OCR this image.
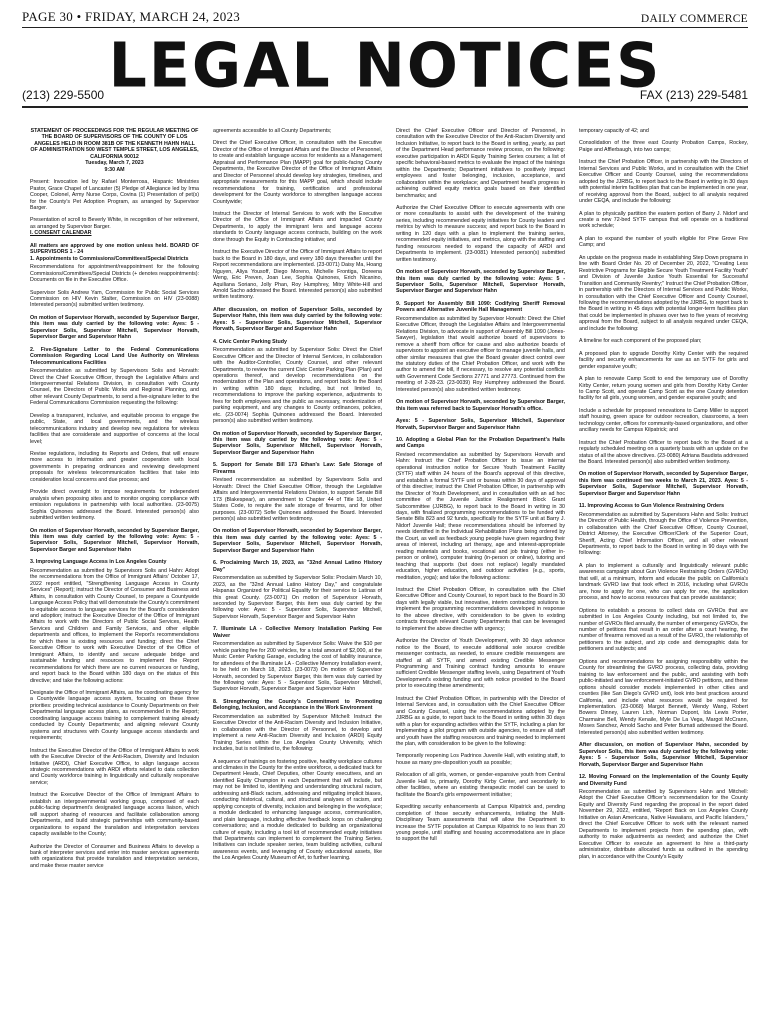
PAGE 30 • FRIDAY, MARCH 24, 2023	DAILY COMMERCE
LEGAL NOTICES
(213) 229-5500	FAX (213) 229-5481

STATEMENT OF PROCEEDINGS FOR THE REGULAR MEETING OF THE BOARD OF SUPERVISORS OF THE COUNTY OF LOS ANGELES HELD IN ROOM 381B OF THE KENNETH HAHN HALL OF ADMINISTRATION 500 WEST TEMPLE STREET, LOS ANGELES, CALIFORNIA 90012

Tuesday, March 7, 2023

9:30 AM

Present: Invocation led by Rafael Monterrosa, Hispanic Ministries Pastor, Grace Chapel of Lancaster (5) Pledge of Allegiance led by Irma Cooper, Colonel, Army Nurse Corps, Covina (1) Presentation of pet(s) for the County's Pet Adoption Program, as arranged by Supervisor Barger.

Presentation of scroll to Beverly White, in recognition of her retirement, as arranged by Supervisor Barger.

I. CONSENT CALENDAR

All matters are approved by one motion unless held. BOARD OF SUPERVISORS 1 - 24

1. Appointments to Commissions/Committees/Special Districts

Recommendations for appointment/reappointment for the following Commissions/Committees/Special Districts (+ denotes reappointments): Documents on file in the Executive Office.

Supervisor Solis Andrew Yam, Commission for Public Social Services Commission on HIV Kevin Stalter, Commission on HIV (23-0088) Interested person(s) submitted written testimony.

On motion of Supervisor Horvath, seconded by Supervisor Barger, this item was duly carried by the following vote: Ayes: 5 - Supervisor Solis, Supervisor Mitchell, Supervisor Horvath, Supervisor Barger and Supervisor Hahn

2. Five-Signature Letter to the Federal Communications Commission Regarding Local Land Use Authority on Wireless Telecommunications Facilities

Recommendation as submitted by Supervisors Solis and Horvath: Direct the Chief Executive Officer, through the Legislative Affairs and Intergovernmental Relations Division, in consultation with County Counsel, the Directors of Public Works and Regional Planning, and other relevant County Departments, to send a five-signature letter to the Federal Communications Commission requesting the following:

Develop a transparent, inclusive, and equitable process to engage the public, State, and local governments, and the wireless telecommunications industry and develop new regulations for wireless facilities that are considerate and supportive of concerns at the local level;

Revise regulations, including its Reports and Orders, that will ensure more access to information and greater cooperation with local governments in preparing ordinances and reviewing development proposals for wireless telecommunication facilities that take into consideration local concerns and due process; and

Provide direct oversight to impose requirements for independent analysis when proposing sites and to monitor ongoing compliance with emission regulations in partnership with local authorities. (23-0075) Sophia Quinones addressed the Board. Interested person(s) also submitted written testimony.

On motion of Supervisor Horvath, seconded by Supervisor Barger, this item was duly carried by the following vote: Ayes: 5 - Supervisor Solis, Supervisor Mitchell, Supervisor Horvath, Supervisor Barger and Supervisor Hahn

3. Improving Language Access in Los Angeles County

Recommendation as submitted by Supervisors Solis and Hahn: Adopt the recommendations from the Office of Immigrant Affairs' October 17, 2022 report entitled, "Strengthening Language Access in County Services" (Report); instruct the Director of Consumer and Business and Affairs, in consultation with County Counsel, to prepare a Countywide Language Access Policy that will demonstrate the County's commitment to equitable access to language services for the Board's consideration and adoption; instruct the Executive Director of the Office of Immigrant Affairs to work with the Directors of Public Social Services, Health Services and Children and Family Services, and other eligible departments and offices, to implement the Report's recommendations for which there is existing resources and funding; direct the Chief Executive Officer to work with Executive Director of the Office of Immigrant Affairs, to identify and secure adequate bridge and sustainable funding and resources to implement the Report recommendations for which there are no current resources or funding, and report back to the Board within 180 days on the status of this directive; and take the following actions:

Designate the Office of Immigrant Affairs, as the coordinating agency for a Countywide language access system, focusing on these three priorities: providing technical assistance to County Departments on their Departmental language access plans, as recommended in the Report; coordinating language access training to complement training already conducted by County Departments; and aligning relevant County systems and structures with County language access standards and requirements;

Instruct the Executive Director of the Office of Immigrant Affairs to work with the Executive Director of the Anti-Racism, Diversity and Inclusion Initiative (ARDI), Chief Executive Office, to align language access strategic recommendations with ARDI efforts related to data collection and County workforce training in linguistically and culturally responsive service;

Instruct the Executive Director of the Office of Immigrant Affairs to establish an intergovernmental working group, composed of each public-facing department's designated language access liaison, which will support sharing of resources and facilitate collaboration among Departments, and build strategic partnerships with community-based organizations to expand the translation and interpretation services capacity available to the County;

Authorize the Director of Consumer and Business Affairs to develop a bank of interpreter services and enter into master services agreements with organizations that provide translation and interpretation services, and make these master service

agreements accessible to all County Departments;

Direct the Chief Executive Officer, in consultation with the Executive Director of the Office of Immigrant Affairs and the Director of Personnel, to create and establish language access for residents as a Management Appraisal and Performance Plan (MAPP) goal for public-facing County Departments, the Executive Director of the Office of Immigrant Affairs and Director of Personnel should develop key strategies, timelines, and appropriate measurements for this MAPP goal, which should include recommendations for training, certification and professional development for the County workforce to strengthen language access Countywide;

Instruct the Director of Internal Services to work with the Executive Director of the Office of Immigrant Affairs and impacted County Departments, to apply the immigrant lens and language access standards to County language access contracts, building on the work done through the Equity in Contracting initiative; and

Instruct the Executive Director of the Office of Immigrant Affairs to report back to the Board in 180 days, and every 180 days thereafter until the Report recommendations are implemented. (23-0071) Daisy Ma, Hoang Nguyen, Aliya Yousoff, Diego Moreno, Michelle Frontiga, Doreena Weng, Eric Preven, Joan Lee, Sophia Quinones, Erich Nicanino, Aquiliana Soriano, Jolly Phan, Roy Humphrey, Mitry White-Hill and Arnold Sacho addressed the Board. Interested person(s) also submitted written testimony.

After discussion, on motion of Supervisor Solis, seconded by Supervisor Hahn, this item was duly carried by the following vote: Ayes: 5 - Supervisor Solis, Supervisor Mitchell, Supervisor Horvath, Supervisor Barger and Supervisor Hahn

4. Civic Center Parking Study

Recommendation as submitted by Supervisor Solis: Direct the Chief Executive Officer and the Director of Internal Services, in collaboration with the Auditor-Controller, County Counsel, and other relevant Departments, to review the current Civic Center Parking Plan (Plan) and operations thereof, and develop recommendations on the modernization of the Plan and operations, and report back to the Board in writing within 180 days; including, but not limited to, recommendations to improve the parking experience, adjustments to fees for both employees and the public as necessary, modernization of parking equipment, and any changes to County ordinances, policies, etc. (23-0074) Sophia Quinones addressed the Board. Interested person(s) also submitted written testimony.

On motion of Supervisor Horvath, seconded by Supervisor Barger, this item was duly carried by the following vote: Ayes: 5 - Supervisor Solis, Supervisor Mitchell, Supervisor Horvath, Supervisor Barger and Supervisor Hahn

5. Support for Senate Bill 173 Ethan's Law: Safe Storage of Firearms

Revised recommendation as submitted by Supervisors Solis and Horvath: Direct the Chief Executive Officer, through the Legislative Affairs and Intergovernmental Relations Division, to support Senate Bill 173 (Blakespear), an amendment to Chapter 44 of Title 18, United States Code, to require the safe storage of firearms, and for other purposes. (23-0072) Sofie Quinones addressed the Board. Interested person(s) also submitted written testimony.

On motion of Supervisor Horvath, seconded by Supervisor Barger, this item was duly carried by the following vote: Ayes: 5 - Supervisor Solis, Supervisor Mitchell, Supervisor Horvath, Supervisor Barger and Supervisor Hahn

6. Proclaiming March 19, 2023, as "32nd Annual Latino History Day"

Recommendation as submitted by Supervisor Solis: Proclaim March 10, 2023, as the "32nd Annual Latino History Day," and congratulate Hispanas Organized for Political Equality for their service to Latinas of this great County. (23-0071) On motion of Supervisor Horvath, seconded by Supervisor Barger, this item was duly carried by the following vote: Ayes: 5 - Supervisor Solis, Supervisor Mitchell, Supervisor Horvath, Supervisor Barger and Supervisor Hahn

7. Illuminate LA - Collective Memory Installation Parking Fee Waiver

Recommendation as submitted by Supervisor Solis: Waive the $10 per vehicle parking fee for 200 vehicles, for a total amount of $2,000, at the Music Center Parking Garage, excluding the cost of liability insurance, for attendees of the Illuminate LA - Collective Memory Installation event, to be held on March 18, 2023. (23-0073) On motion of Supervisor Horvath, seconded by Supervisor Barger, this item was duly carried by the following vote: Ayes: 5 - Supervisor Solis, Supervisor Mitchell, Supervisor Horvath, Supervisor Barger and Supervisor Hahn

8. Strengthening the County's Commitment to Promoting Belonging, Inclusion, and Acceptance in the Work Environment

Recommendation as submitted by Supervisor Mitchell: Instruct the Executive Director of the Anti-Racism Diversity and Inclusion Initiative, in collaboration with the Director of Personnel, to develop and implement a new Anti-Racism Diversity and Inclusion (ARDI) Equity Training Series within the Los Angeles County University, which includes, but is not limited to, the following:

A sequence of trainings on fostering positive, healthy workplace cultures and climates in the County for the entire workforce, a dedicated track for Department Heads, Chief Deputies, other County executives, and an identified Equity Champion in each Department that will include, but may not be limited to, identifying and understanding structural racism, addressing anti-Black racism, addressing and mitigating implicit biases, conducting historical, cultural, and structural analyses of racism, and applying concepts of diversity, inclusion and belonging in the workplace; a module dedicated to enhancing language access, communication, and plain language, including effective feedback loops on challenging conversations; and a module dedicated to building an organizational culture of equity, including a tool kit of recommended equity initiatives that Departments can implement to complement the Training Series. Initiatives can include speaker series, team building activities, cultural awareness events, and leveraging of County educational assets, like the Los Angeles County Museum of Art, to further learning.

Direct the Chief Executive Officer and Director of Personnel, in consultation with the Executive Director of the Anti-Racism Diversity and Inclusion Initiative, to report back to the Board in writing, yearly, as part of the Department Head performance review process, on the following: executive participation in ARDI Equity Training Series courses; a list of specific behavioral-based metrics to evaluate the impact of the trainings within the Departments; Department initiatives to positively impact employees and foster belonging, inclusion, acceptance, and collaboration within the workplace; and Department head's progress in achieving outlined equity metrics goals based on their identified benchmarks; and

Authorize the Chief Executive Officer to execute agreements with one or more consultants to assist with the development of the training series, including recommended equity initiatives for County leaders and metrics by which to measure success; and report back to the Board in writing in 120 days with a plan to implement the training series, recommended equity initiatives, and metrics, along with the staffing and funding resources needed to expand the capacity of ARDI and Departments to implement. (23-0081) Interested person(s) submitted written testimony.

On motion of Supervisor Horvath, seconded by Supervisor Barger, this item was duly carried by the following vote: Ayes: 5 - Supervisor Solis, Supervisor Mitchell, Supervisor Horvath, Supervisor Barger and Supervisor Hahn

9. Support for Assembly Bill 1090: Codifying Sheriff Removal Powers and Alternative Juvenile Hall Management

Recommendation as submitted by Supervisor Horvath: Direct the Chief Executive Officer, through the Legislative Affairs and Intergovernmental Relations Division, to advocate in support of Assembly Bill 1090 (Jones-Sawyer), legislation that would authorize board of supervisors to remove a sheriff from office for cause and also authorize boards of supervisors to appoint an executive officer to manage juvenile halls, and other similar measures that give the Board greater direct control over the statutory duties of the Chief Probation Officer, and work with the author to amend the bill, if necessary, to resolve any potential conflicts with Government Code Sections 27771 and 27773. Continued from the meeting of 2-28-23. (23-0039) Roy Humphrey addressed the Board. Interested person(s) also submitted written testimony.

On motion of Supervisor Horvath, seconded by Supervisor Barger, this item was referred back to Supervisor Horvath's office.

Ayes: 5 - Supervisor Solis, Supervisor Mitchell, Supervisor Horvath, Supervisor Barger and Supervisor Hahn

10. Adopting a Global Plan for the Probation Department's Halls and Camps

Revised recommendation as submitted by Supervisors Horvath and Hahn: Instruct the Chief Probation Officer to issue an internal operational instruction notice for Secure Youth Treatment Facility (SYTF) staff within 24 hours of the Board's approval of this directive, and establish a formal SYTF unit or bureau within 30 days of approval of this directive; instruct the Chief Probation Officer, in partnership with the Director of Youth Development, and in consultation with an ad hoc committee of the Juvenile Justice Realignment Block Grant Subcommittee (JJRBG), to report back to the Board in writing in 30 days, with finalized programming recommendations to be funded with Senate Bills 823 and 92 funds, specifically for the SYTF unit at Barry J. Nidorf Juvenile Hall; these recommendations should be informed by needs identified in the Individual Rehabilitation Plans being ordered by the Court, as well as feedback young people have given regarding their areas of interest, including art therapy, age and interest-appropriate reading materials and books, vocational and job training (either in-person or online), computer training (in-person or online), tutoring and teaching that supports (but does not replace) legally mandated education, higher education, and outdoor activities (e.g., sports, meditation, yoga); and take the following actions:

Instruct the Chief Probation Officer, in consultation with the Chief Executive Officer and County Counsel, to report back to the Board in 30 days with legally viable, but innovative, interim contracting solutions to implement the programming recommendations developed in response to the above directive, with consideration to be given to existing contracts through relevant County Departments that can be leveraged to implement the above directive with urgency;

Authorize the Director of Youth Development, with 30 days advance notice to the Board, to execute additional sole source credible messenger contracts, as needed, to ensure credible messengers are staffed at all SYTF, and amend existing Credible Messenger Programming and Training contract funding amounts to ensure sufficient Credible Messenger staffing levels, using Department of Youth Development's existing funding and with notice provided to the Board prior to executing these amendments;

Instruct the Chief Probation Officer, in partnership with the Director of Internal Services and, in consultation with the Chief Executive Officer and County Counsel, using the recommendations adopted by the JJRBG as a guide, to report back to the Board in writing within 30 days with a plan for expanding activities within the SYTF, including a plan for implementing a pilot program with outside agencies, to ensure all staff and youth have the staffing resources and training needed to implement the plan, with consideration to be given to the following:

Temporarily reopening Los Padrinos Juvenile Hall, with existing staff, to house as many pre-disposition youth as possible;

Relocation of all girls, women, or gender-expansive youth from Central Juvenile Hall to, primarily, Dorothy Kirby Center, and secondarily to other facilities, where an existing therapeutic model can be used to facilitate the Board's girls empowerment initiative;

Expediting security enhancements at Campus Kilpatrick and, pending completion of those security enhancements, initiating the Multi-Disciplinary Team assessments that will allow the Department to increase the SYTF population at Campus Kilpatrick to no less than 20 young people, until staffing and housing accommodations are in place to support the full

temporary capacity of 42; and

Consolidation of the three east County Probation Camps, Rockey, Paige and Afflerbaugh, into two camps;

Instruct the Chief Probation Officer, in partnership with the Directors of Internal Services and Public Works, and in consultation with the Chief Executive Officer and County Counsel, using the recommendations adopted by the JJRBG, to report back to the Board in writing in 30 days with potential interim facilities plan that can be implemented in one year, of receiving approval from the Board, subject to all analysis required under CEQA, and include the following:

A plan to physically partition the eastern portion of Barry J. Nidorf and create a new 72-bed SYTF campus that will operate on a traditional work schedule;

A plan to expand the number of youth eligible for Pine Grove Fire Camp; and

An update on the progress made in establishing Step Down programs in line with Board Order No. 20 of December 20, 2022, "Creating Less Restrictive Programs for Eligible Secure Youth Treatment Facility Youth" and Division of Juvenile Justice Youth Essential for Successful Transition and Community Reentry;" Instruct the Chief Probation Officer, in partnership with the Directors of Internal Services and Public Works, in consultation with the Chief Executive Officer and County Counsel, following the recommendations adopted by the JJRBG, to report back to the Board in writing in 45 days with potential longer-term facilities plan that could be implemented in phases over two to five years of receiving approval from the Board, subject to all analysis required under CEQA, and include the following:

A timeline for each component of the proposed plan;

A proposed plan to upgrade Dorothy Kirby Center with the required facility and security enhancements for use as an SYTF for girls and gender expansive youth;

A plan to renovate Camp Scott to end the temporary use of Dorothy Kirby Center, return young women and girls from Dorothy Kirby Center to Camp Scott, and operate Camp Scott as the one County detention facility for all girls, young women, and gender expansive youth; and

Include a schedule for proposed renovations to Camp Miller to support staff housing, green space for outdoor recreation, classrooms, a teen technology center, offices for community-based organizations, and other ancillary needs for Campus Kilpatrick; and

Instruct the Chief Probation Officer to report back to the Board at a regularly scheduled meeting on a quarterly basis with an update on the status of all the above directives. (23-0080) Adriana Baudista addressed the Board. Interested person(s) also submitted written testimony.

On motion of Supervisor Horvath, seconded by Supervisor Barger, this item was continued two weeks to March 21, 2023. Ayes: 5 - Supervisor Solis, Supervisor Mitchell, Supervisor Horvath, Supervisor Barger and Supervisor Hahn

11. Improving Access to Gun Violence Restraining Orders

Recommendation as submitted by Supervisors Hahn and Solis: Instruct the Director of Public Health, through the Office of Violence Prevention, in collaboration with the Chief Executive Officer, County Counsel, District Attorney, the Executive Officer/Clerk of the Superior Court, Sheriff, Acting Chief Information Officer, and all other relevant Departments, to report back to the Board in writing in 90 days with the following:

A plan to implement a culturally and linguistically relevant public awareness campaign about Gun Violence Restraining Orders (GVROs) that will, at a minimum, inform and educate the public on California's landmark GVRO law that took effect in 2016, including what GVROs are, how to apply for one, who can apply for one, the application process, and how to access resources that can provide assistance;

Options to establish a process to collect data on GVROs that are submitted in Los Angeles County including, but not limited to, the number of GVROs filed annually, the number of emergency GVROs, the number of petitions that result in an order after a court hearing, the number of firearms removed as a result of the GVRO, the relationship of petitioners to the subject, and zip code and demographic data for petitioners and subjects; and

Options and recommendations for assigning responsibility within the County for streamlining the GVRO process, collecting data, providing training to law enforcement and the public, and assisting with both public-initiated and law enforcement-initiated GVRO petitions, and these options should consider models implemented in other cities and counties (like San Diego's GVRO unit), look into best practices around California, and include what resources would be required for implementation. (23-0068) Margot Bennett, Wendy Wang, Robert Bowers Dinney, Lauren Lich, Norman Dupont, Ida Lewis Porter, Charmaine Bell, Wendy Kenaile, Myle De La Vega, Margot McCrann, Moses Sanchez, Arnold Sacho and Peter Bumati addressed the Board. Interested person(s) also submitted written testimony.

After discussion, on motion of Supervisor Hahn, seconded by Supervisor Solis, this item was duly carried by the following vote: Ayes: 5 - Supervisor Solis, Supervisor Mitchell, Supervisor Horvath, Supervisor Barger and Supervisor Hahn

12. Moving Forward on the Implementation of the County Equity and Diversity Fund

Recommendation as submitted by Supervisors Hahn and Mitchell: Adopt the Chief Executive Officer's recommendation for the County Equity and Diversity Fund regarding the proposal in the report dated November 29, 2022, entitled, "Report Back on Los Angeles County Initiative on Asian Americans, Native Hawaiians, and Pacific Islanders," direct the Chief Executive Officer to work with the relevant named Departments to implement projects from the spending plan, with authority to make adjustments as needed; and authorize the Chief Executive Officer to execute an agreement to hire a third-party administrator, distribute allocated funds as outlined in the spending plan, in accordance with the County's Equity
